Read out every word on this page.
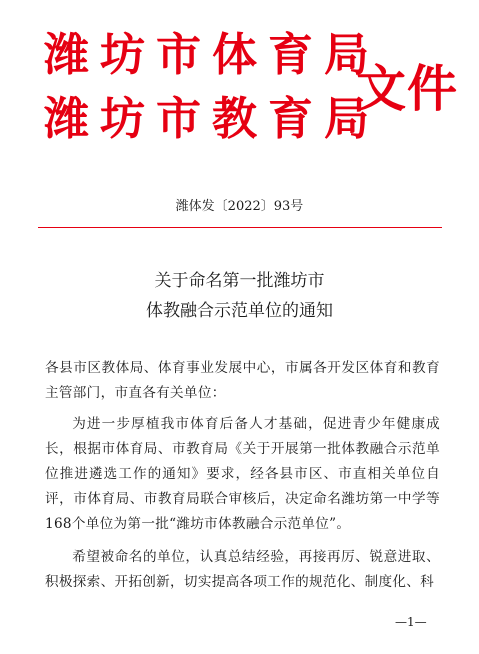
潍坊市体育局
潍坊市教育局
文件
潍体发〔2022〕93号
关于命名第一批潍坊市
体教融合示范单位的通知

各县市区教体局、体育事业发展中心，市属各开发区体育和教育主管部门，市直各有关单位：

为进一步厚植我市体育后备人才基础，促进青少年健康成长，根据市体育局、市教育局《关于开展第一批体教融合示范单位推进遴选工作的通知》要求，经各县市区、市直相关单位自评，市体育局、市教育局联合审核后，决定命名潍坊第一中学等168个单位为第一批“潍坊市体教融合示范单位”。

希望被命名的单位，认真总结经验，再接再厉、锐意进取、积极探索、开拓创新，切实提高各项工作的规范化、制度化、科

—1—
